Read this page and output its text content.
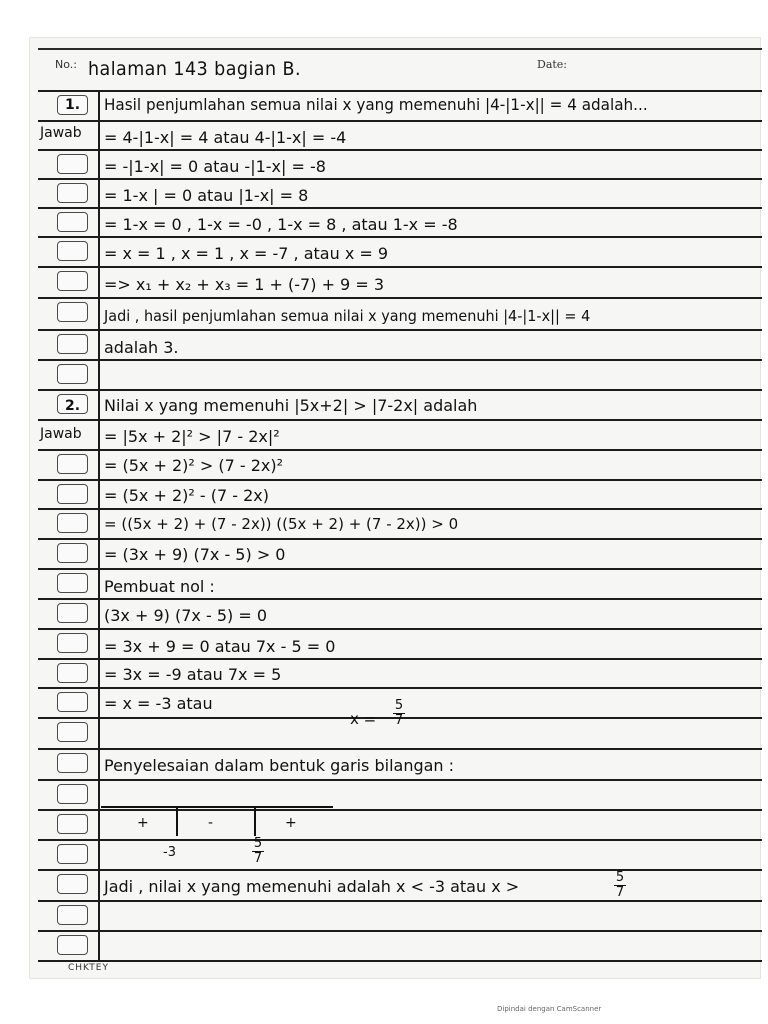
No.: halaman 143 bagian B.	Date:
1.	Hasil penjumlahan semua nilai x yang memenuhi |4-|1-x|| = 4 adalah...
Jawab	= 4-|1-x| = 4 atau 4-|1-x| = -4
= -|1-x| = 0 atau -|1-x| = -8
= 1-x | = 0 atau |1-x| = 8
= 1-x = 0 , 1-x = -0 , 1-x = 8 , atau 1-x = -8
= x = 1 , x = 1 , x = -7 , atau x = 9
=> x₁ + x₂ + x₃ = 1 + (-7) + 9 = 3
Jadi , hasil penjumlahan semua nilai x yang memenuhi |4-|1-x|| = 4
adalah 3.
2.	Nilai x yang memenuhi |5x+2| > |7-2x| adalah
Jawab	= |5x + 2|² > |7 - 2x|²
= (5x + 2)² > (7 - 2x)²
= (5x + 2)² - (7 - 2x)
= ((5x + 2) + (7 - 2x)) ((5x + 2) + (7 - 2x)) > 0
= (3x + 9) (7x - 5) > 0
Pembuat nol :
(3x + 9) (7x - 5) = 0
= 3x + 9 = 0 atau 7x - 5 = 0
= 3x = -9 atau 7x = 5
= x = -3 atau
x =
5
7
Penyelesaian dalam bentuk garis bilangan :
+	-	+
-3
5
7
Jadi , nilai x yang memenuhi adalah x < -3 atau x >	5
7
CHKTEY
Dipindai dengan CamScanner
